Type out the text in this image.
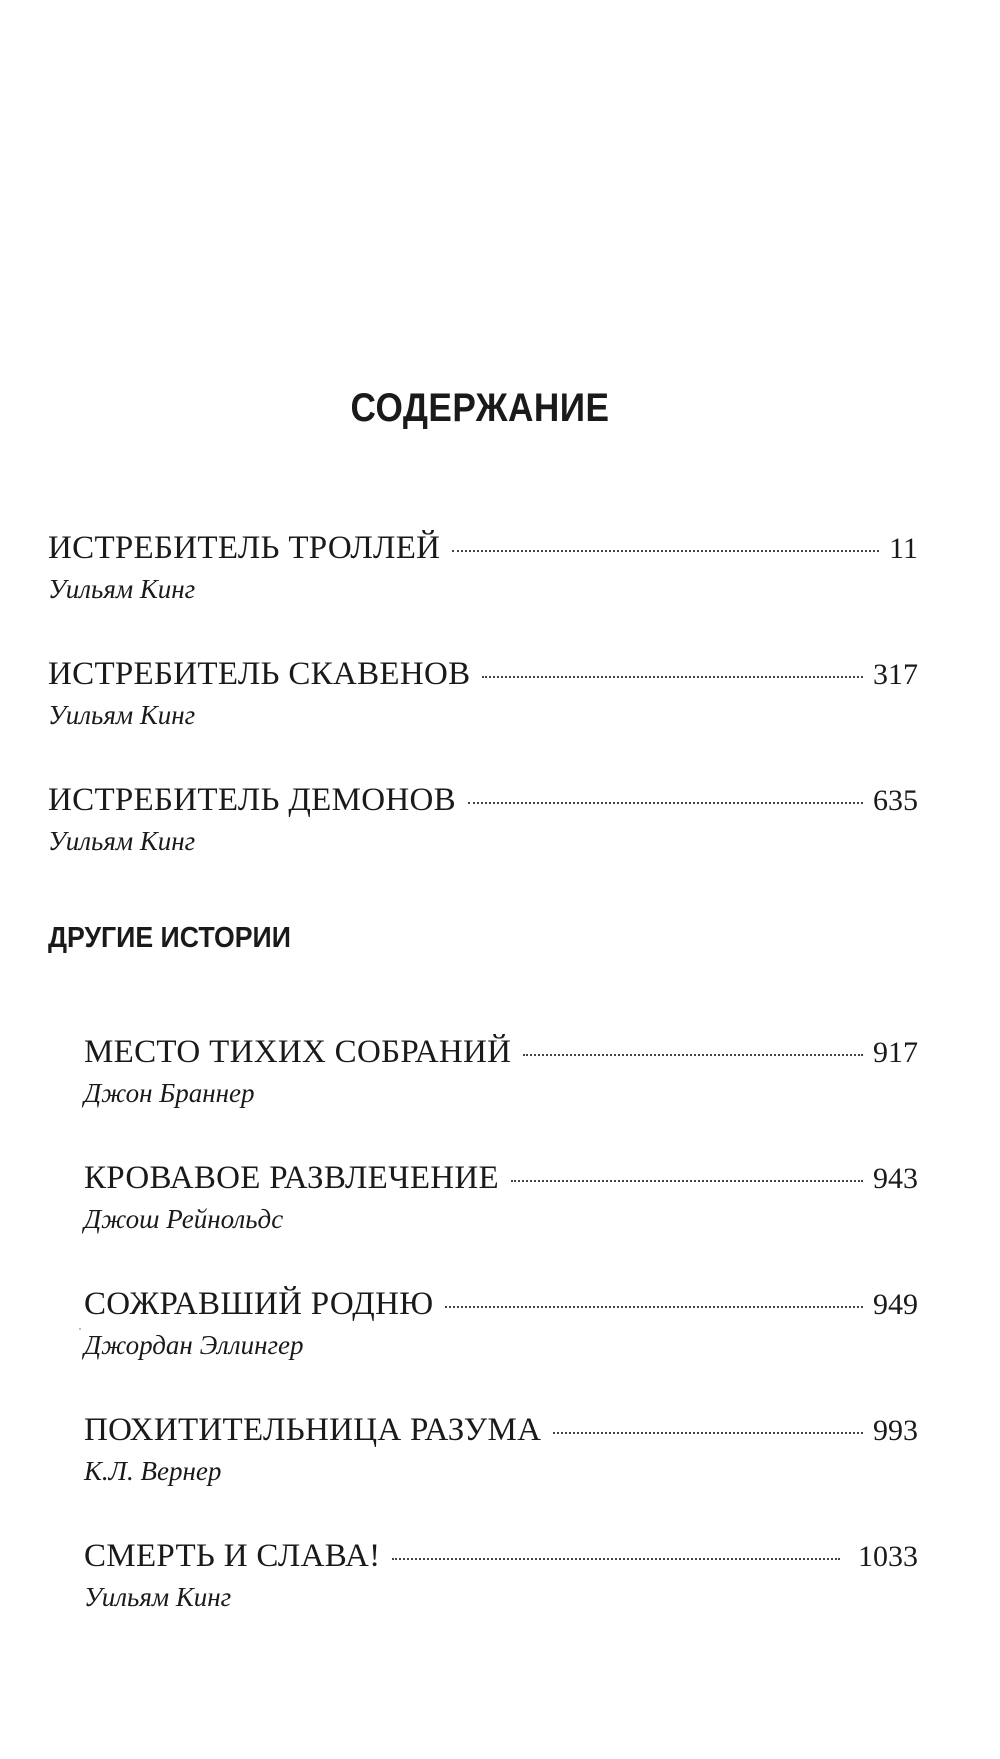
СОДЕРЖАНИЕ
ИСТРЕБИТЕЛЬ ТРОЛЛЕЙ	11
Уильям Кинг
ИСТРЕБИТЕЛЬ СКАВЕНОВ	317
Уильям Кинг
ИСТРЕБИТЕЛЬ ДЕМОНОВ	635
Уильям Кинг
ДРУГИЕ ИСТОРИИ
МЕСТО ТИХИХ СОБРАНИЙ	917
Джон Браннер
КРОВАВОЕ РАЗВЛЕЧЕНИЕ	943
Джош Рейнольдс
СОЖРАВШИЙ РОДНЮ	949
Джордан Эллингер
ПОХИТИТЕЛЬНИЦА РАЗУМА	993
К.Л. Вернер
СМЕРТЬ И СЛАВА!	1033
Уильям Кинг
